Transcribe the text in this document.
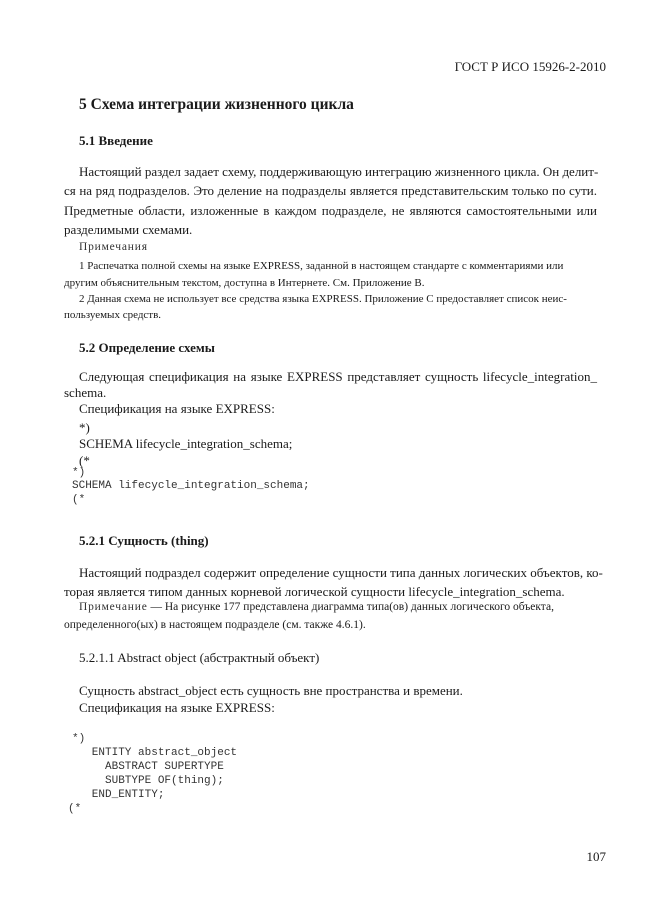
ГОСТ Р ИСО 15926-2-2010
5 Схема интеграции жизненного цикла
5.1 Введение
Настоящий раздел задает схему, поддерживающую интеграцию жизненного цикла. Он делит-
ся на ряд подразделов. Это деление на подразделы является представительским только по сути.
Предметные области, изложенные в каждом подразделе, не являются самостоятельными или
разделимыми схемами.
Примечания
1 Распечатка полной схемы на языке EXPRESS, заданной в настоящем стандарте с комментариями или
другим объяснительным текстом, доступна в Интернете. См. Приложение В.
2 Данная схема не использует все средства языка EXPRESS. Приложение С предоставляет список неис-
пользуемых средств.
5.2 Определение схемы
Следующая спецификация на языке EXPRESS представляет сущность lifecycle_integration_
schema.
Спецификация на языке EXPRESS:
*)
SCHEMA lifecycle_integration_schema;
(*
*)
SCHEMA lifecycle_integration_schema;
(*
5.2.1 Сущность (thing)
Настоящий подраздел содержит определение сущности типа данных логических объектов, ко-
торая является типом данных корневой логической сущности lifecycle_integration_schema.
Примечание — На рисунке 177 представлена диаграмма типа(ов) данных логического объекта,
определенного(ых) в настоящем подразделе (см. также 4.6.1).
5.2.1.1 Abstract object (абстрактный объект)
Сущность abstract_object есть сущность вне пространства и времени.
Спецификация на языке EXPRESS:
*)
ENTITY abstract_object
ABSTRACT SUPERTYPE
SUBTYPE OF(thing);
END_ENTITY;
(*
107
